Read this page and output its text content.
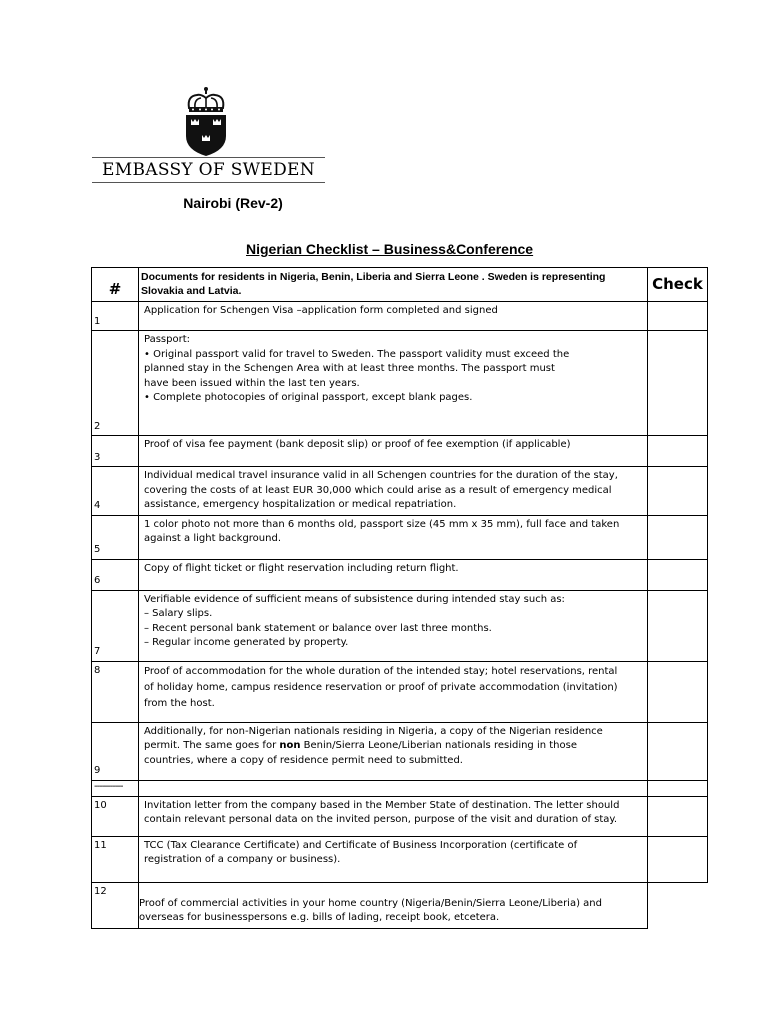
EMBASSY OF SWEDEN
Nairobi (Rev-2)
Nigerian Checklist – Business&Conference
#	Documents for residents in Nigeria, Benin, Liberia and Sierra Leone . Sweden is representing Slovakia and Latvia.	Check

1	Application for Schengen Visa –application form completed and signed	

2	Passport:
• Original passport valid for travel to Sweden. The passport validity must exceed the
planned stay in the Schengen Area with at least three months. The passport must
have been issued within the last ten years.
• Complete photocopies of original passport, except blank pages.	

3	Proof of visa fee payment (bank deposit slip) or proof of fee exemption (if applicable)	

4	Individual medical travel insurance valid in all Schengen countries for the duration of the stay,
covering the costs of at least EUR 30,000 which could arise as a result of emergency medical
assistance, emergency hospitalization or medical repatriation.	

5	1 color photo not more than 6 months old, passport size (45 mm x 35 mm), full face and taken
against a light background.	

6	Copy of flight ticket or flight reservation including return flight.	

7	Verifiable evidence of sufficient means of subsistence during intended stay such as:
– Salary slips.
– Recent personal bank statement or balance over last three months.
– Regular income generated by property.	

8	Proof of accommodation for the whole duration of the intended stay; hotel reservations, rental
of holiday home, campus residence reservation or proof of private accommodation (invitation)
from the host.	

9	Additionally, for non-Nigerian nationals residing in Nigeria, a copy of the Nigerian residence
permit. The same goes for non Benin/Sierra Leone/Liberian nationals residing in those
countries, where a copy of residence permit need to submitted.	

-----------		

10	Invitation letter from the company based in the Member State of destination. The letter should
contain relevant personal data on the invited person, purpose of the visit and duration of stay.	

11	TCC (Tax Clearance Certificate) and Certificate of Business Incorporation (certificate of
registration of a company or business).	

12	Proof of commercial activities in your home country (Nigeria/Benin/Sierra Leone/Liberia) and
overseas for businesspersons e.g. bills of lading, receipt book, etcetera.	
